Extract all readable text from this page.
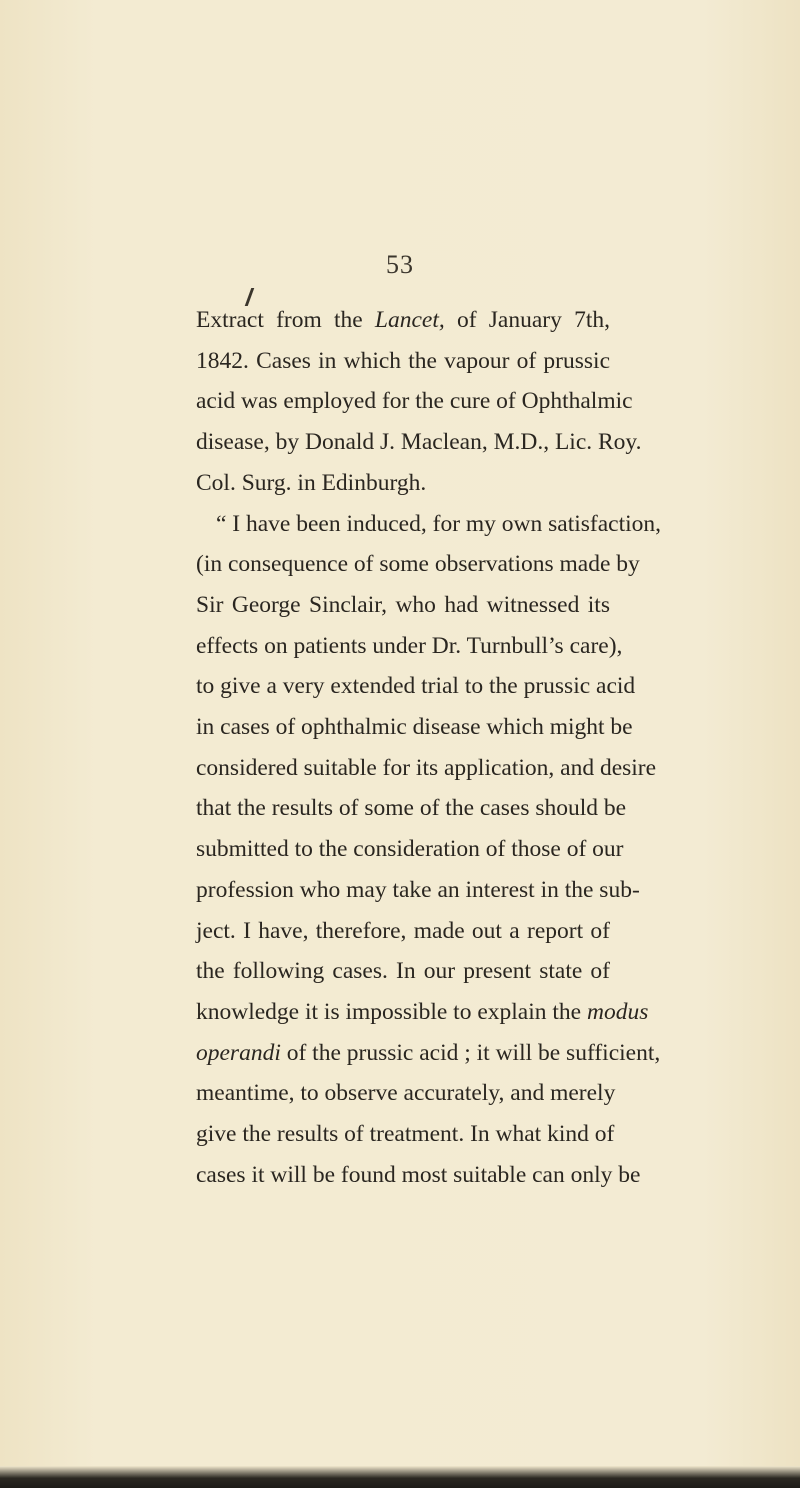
53
Extract from the Lancet, of January 7th,
1842. Cases in which the vapour of prussic
acid was employed for the cure of Ophthalmic
disease, by Donald J. Maclean, M.D., Lic. Roy.
Col. Surg. in Edinburgh.
“ I have been induced, for my own satisfaction,
(in consequence of some observations made by
Sir George Sinclair, who had witnessed its
effects on patients under Dr. Turnbull’s care),
to give a very extended trial to the prussic acid
in cases of ophthalmic disease which might be
considered suitable for its application, and desire
that the results of some of the cases should be
submitted to the consideration of those of our
profession who may take an interest in the sub-
ject. I have, therefore, made out a report of
the following cases. In our present state of
knowledge it is impossible to explain the modus
operandi of the prussic acid ; it will be sufficient,
meantime, to observe accurately, and merely
give the results of treatment. In what kind of
cases it will be found most suitable can only be
